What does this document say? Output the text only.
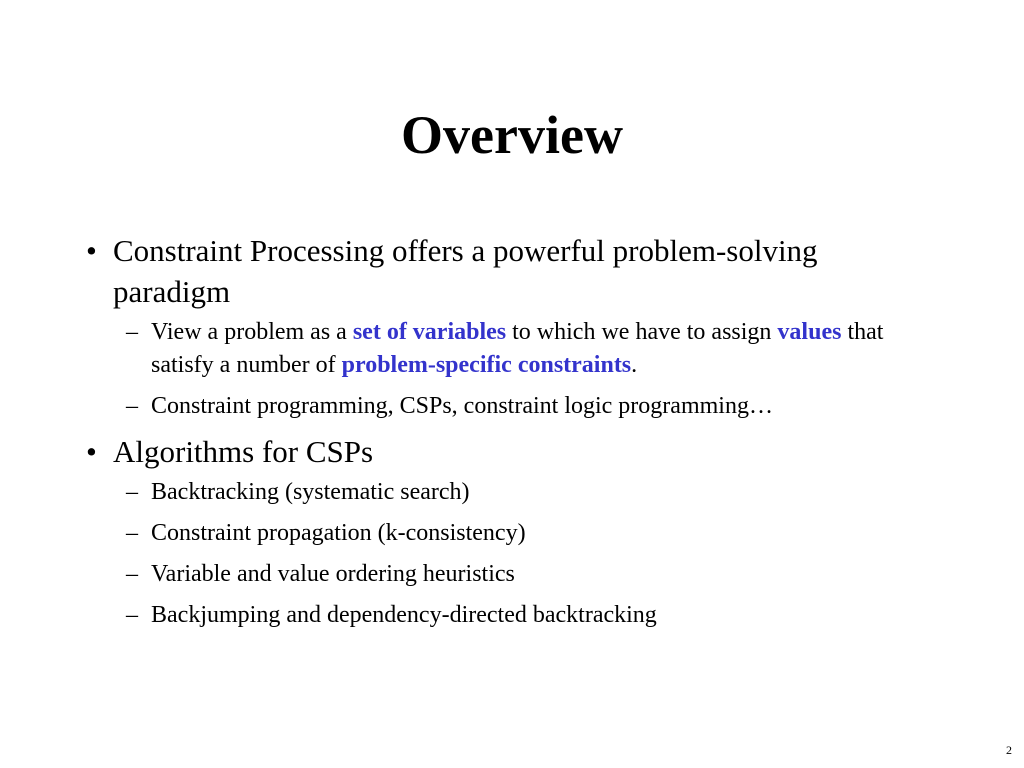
Overview
• Constraint Processing offers a powerful problem-solving paradigm
– View a problem as a set of variables to which we have to assign values that satisfy a number of problem-specific constraints.
– Constraint programming, CSPs, constraint logic programming…
• Algorithms for CSPs
– Backtracking (systematic search)
– Constraint propagation (k-consistency)
– Variable and value ordering heuristics
– Backjumping and dependency-directed backtracking
2
